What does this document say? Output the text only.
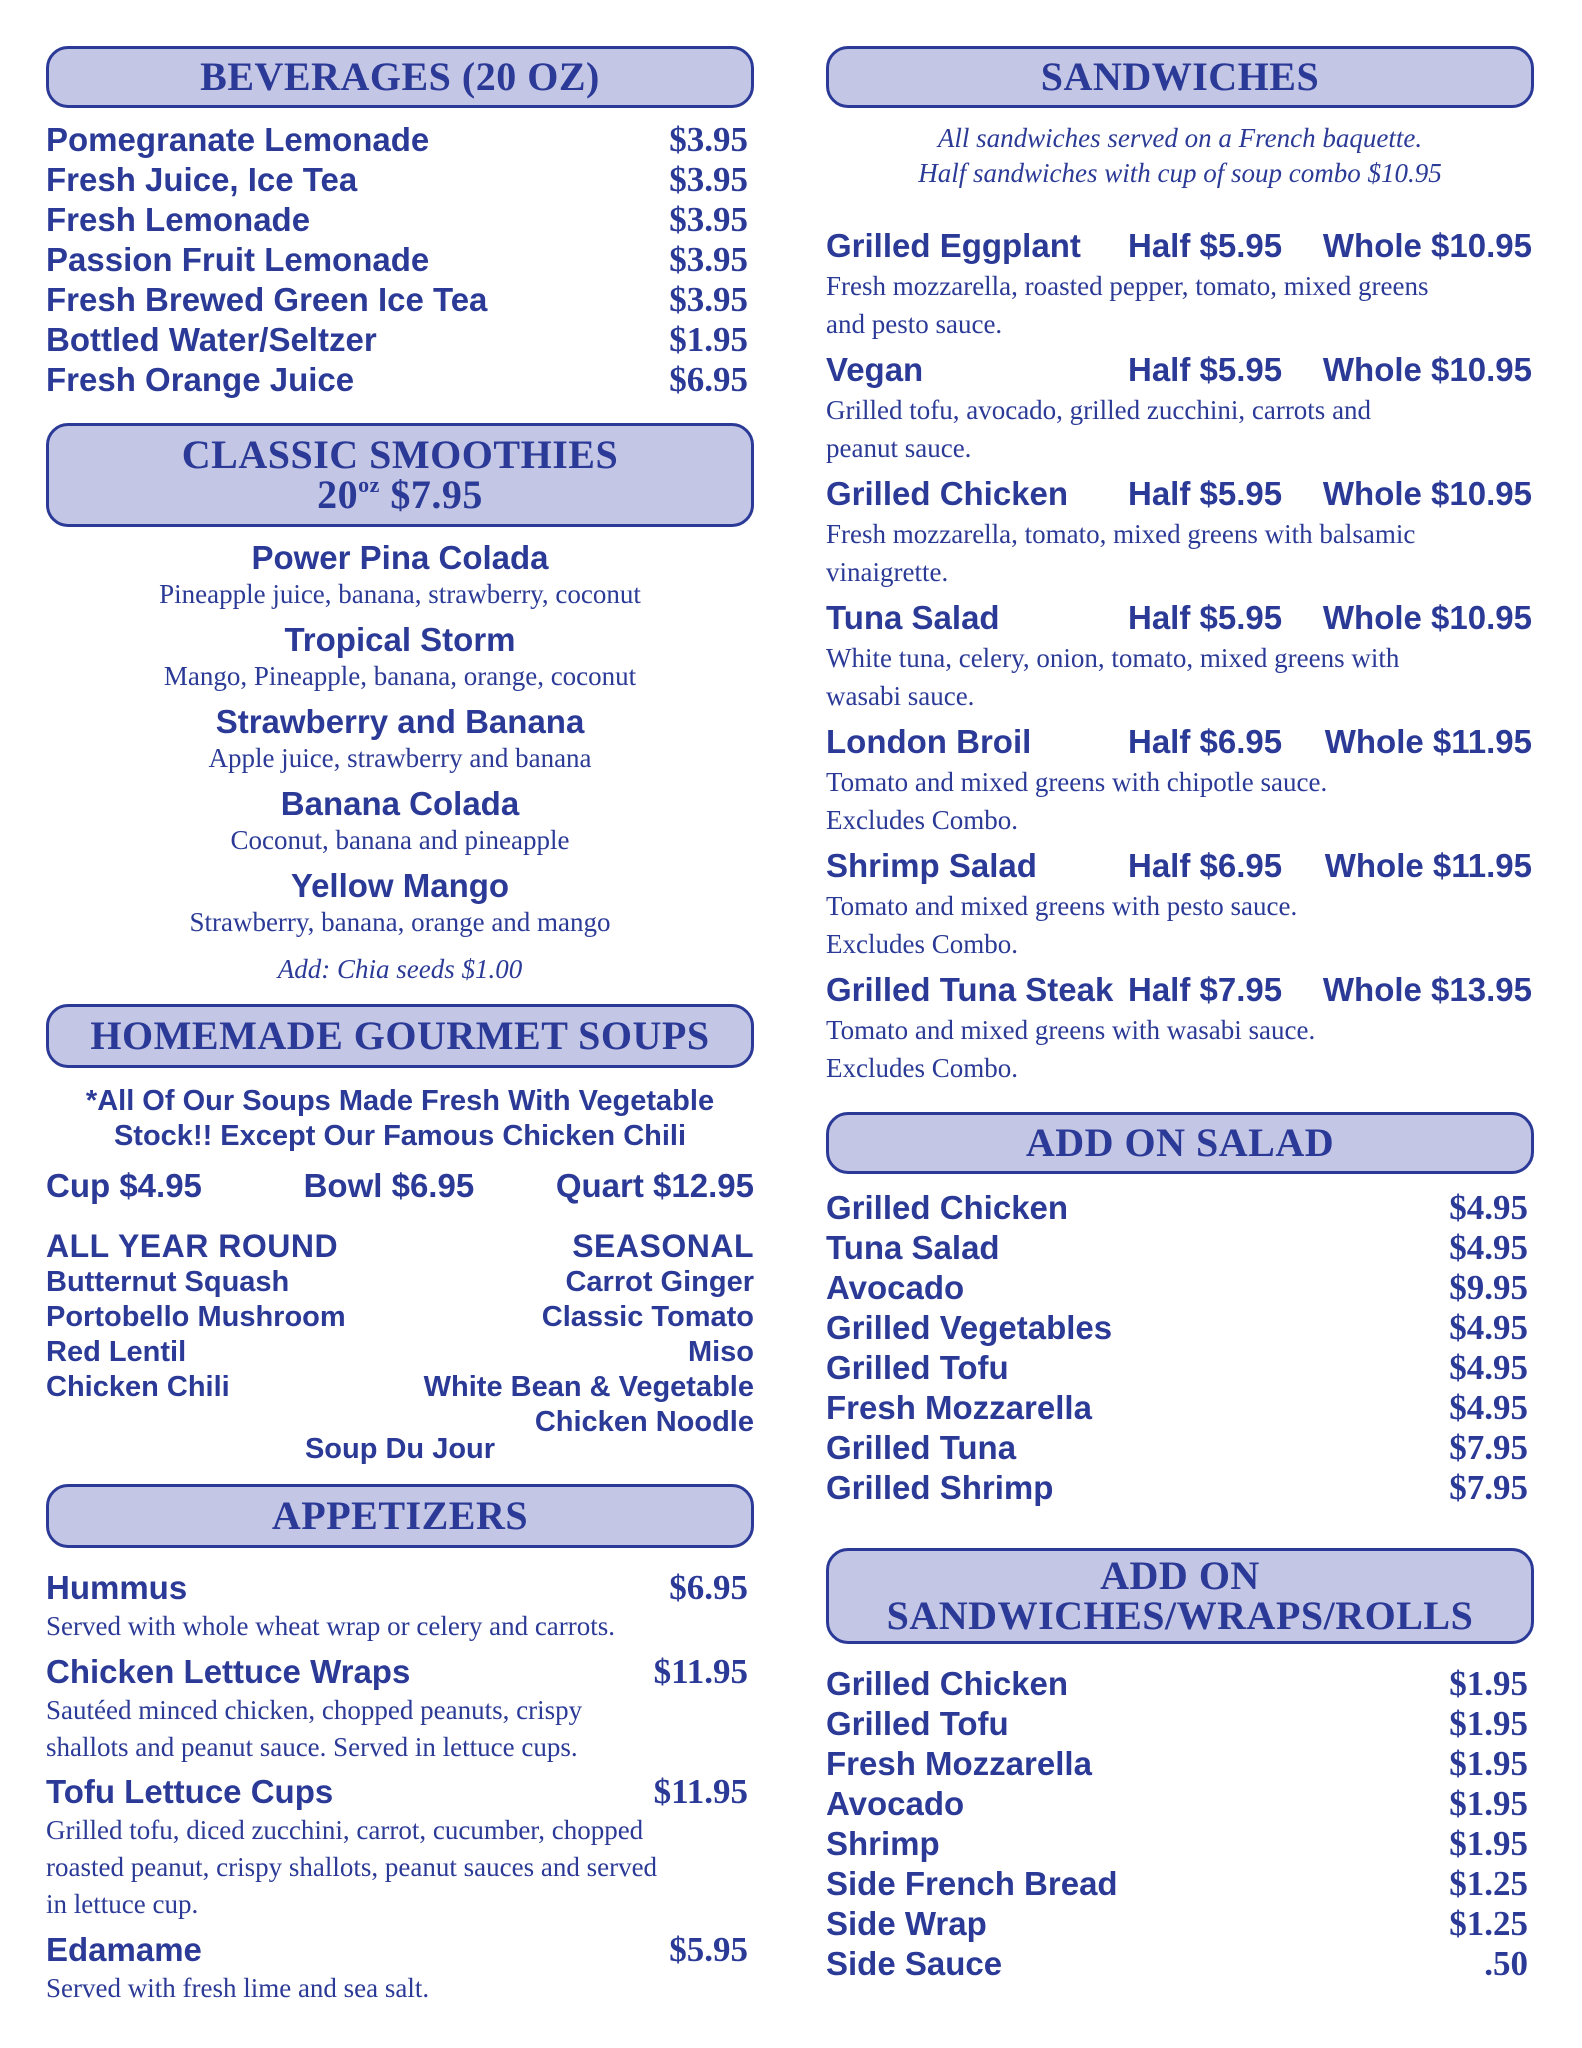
BEVERAGES (20 OZ)
Pomegranate Lemonade	$3.95
Fresh Juice, Ice Tea	$3.95
Fresh Lemonade	$3.95
Passion Fruit Lemonade	$3.95
Fresh Brewed Green Ice Tea	$3.95
Bottled Water/Seltzer	$1.95
Fresh Orange Juice	$6.95
CLASSIC SMOOTHIES
$20^{oz}$ $7.95
Power Pina Colada
Pineapple juice, banana, strawberry, coconut
Tropical Storm
Mango, Pineapple, banana, orange, coconut
Strawberry and Banana
Apple juice, strawberry and banana
Banana Colada
Coconut, banana and pineapple
Yellow Mango
Strawberry, banana, orange and mango
Add: Chia seeds $1.00
HOMEMADE GOURMET SOUPS
*All Of Our Soups Made Fresh With Vegetable
Stock!! Except Our Famous Chicken Chili
Cup $4.95	Bowl $6.95 Quart $12.95
ALL YEAR ROUND
Butternut Squash
Portobello Mushroom
Red Lentil
Chicken Chili
SEASONAL
Carrot Ginger
Classic Tomato
Miso
White Bean & Vegetable
Chicken Noodle
Soup Du Jour
APPETIZERS
Hummus	$6.95
Served with whole wheat wrap or celery and carrots.
Chicken Lettuce Wraps	$11.95
Sautéed minced chicken, chopped peanuts, crispy
shallots and peanut sauce. Served in lettuce cups.
Tofu Lettuce Cups	$11.95
Grilled tofu, diced zucchini, carrot, cucumber, chopped
roasted peanut, crispy shallots, peanut sauces and served
in lettuce cup.
Edamame	$5.95
Served with fresh lime and sea salt.
SANDWICHES
All sandwiches served on a French baquette.
Half sandwiches with cup of soup combo $10.95
Grilled Eggplant Half $5.95 Whole $10.95
Fresh mozzarella, roasted pepper, tomato, mixed greens
and pesto sauce.
Vegan	Half $5.95 Whole $10.95
Grilled tofu, avocado, grilled zucchini, carrots and
peanut sauce.
Grilled Chicken Half $5.95 Whole $10.95
Fresh mozzarella, tomato, mixed greens with balsamic
vinaigrette.
Tuna Salad	Half $5.95 Whole $10.95
White tuna, celery, onion, tomato, mixed greens with
wasabi sauce.
London Broil	Half $6.95 Whole $11.95
Tomato and mixed greens with chipotle sauce.
Excludes Combo.
Shrimp Salad	Half $6.95 Whole $11.95
Tomato and mixed greens with pesto sauce.
Excludes Combo.
Grilled Tuna Steak Half $7.95 Whole $13.95
Tomato and mixed greens with wasabi sauce.
Excludes Combo.
ADD ON SALAD
Grilled Chicken	$4.95
Tuna Salad	$4.95
Avocado	$9.95
Grilled Vegetables	$4.95
Grilled Tofu	$4.95
Fresh Mozzarella	$4.95
Grilled Tuna	$7.95
Grilled Shrimp	$7.95
ADD ON
SANDWICHES/WRAPS/ROLLS
Grilled Chicken	$1.95
Grilled Tofu	$1.95
Fresh Mozzarella	$1.95
Avocado	$1.95
Shrimp	$1.95
Side French Bread	$1.25
Side Wrap	$1.25
Side Sauce	.50
